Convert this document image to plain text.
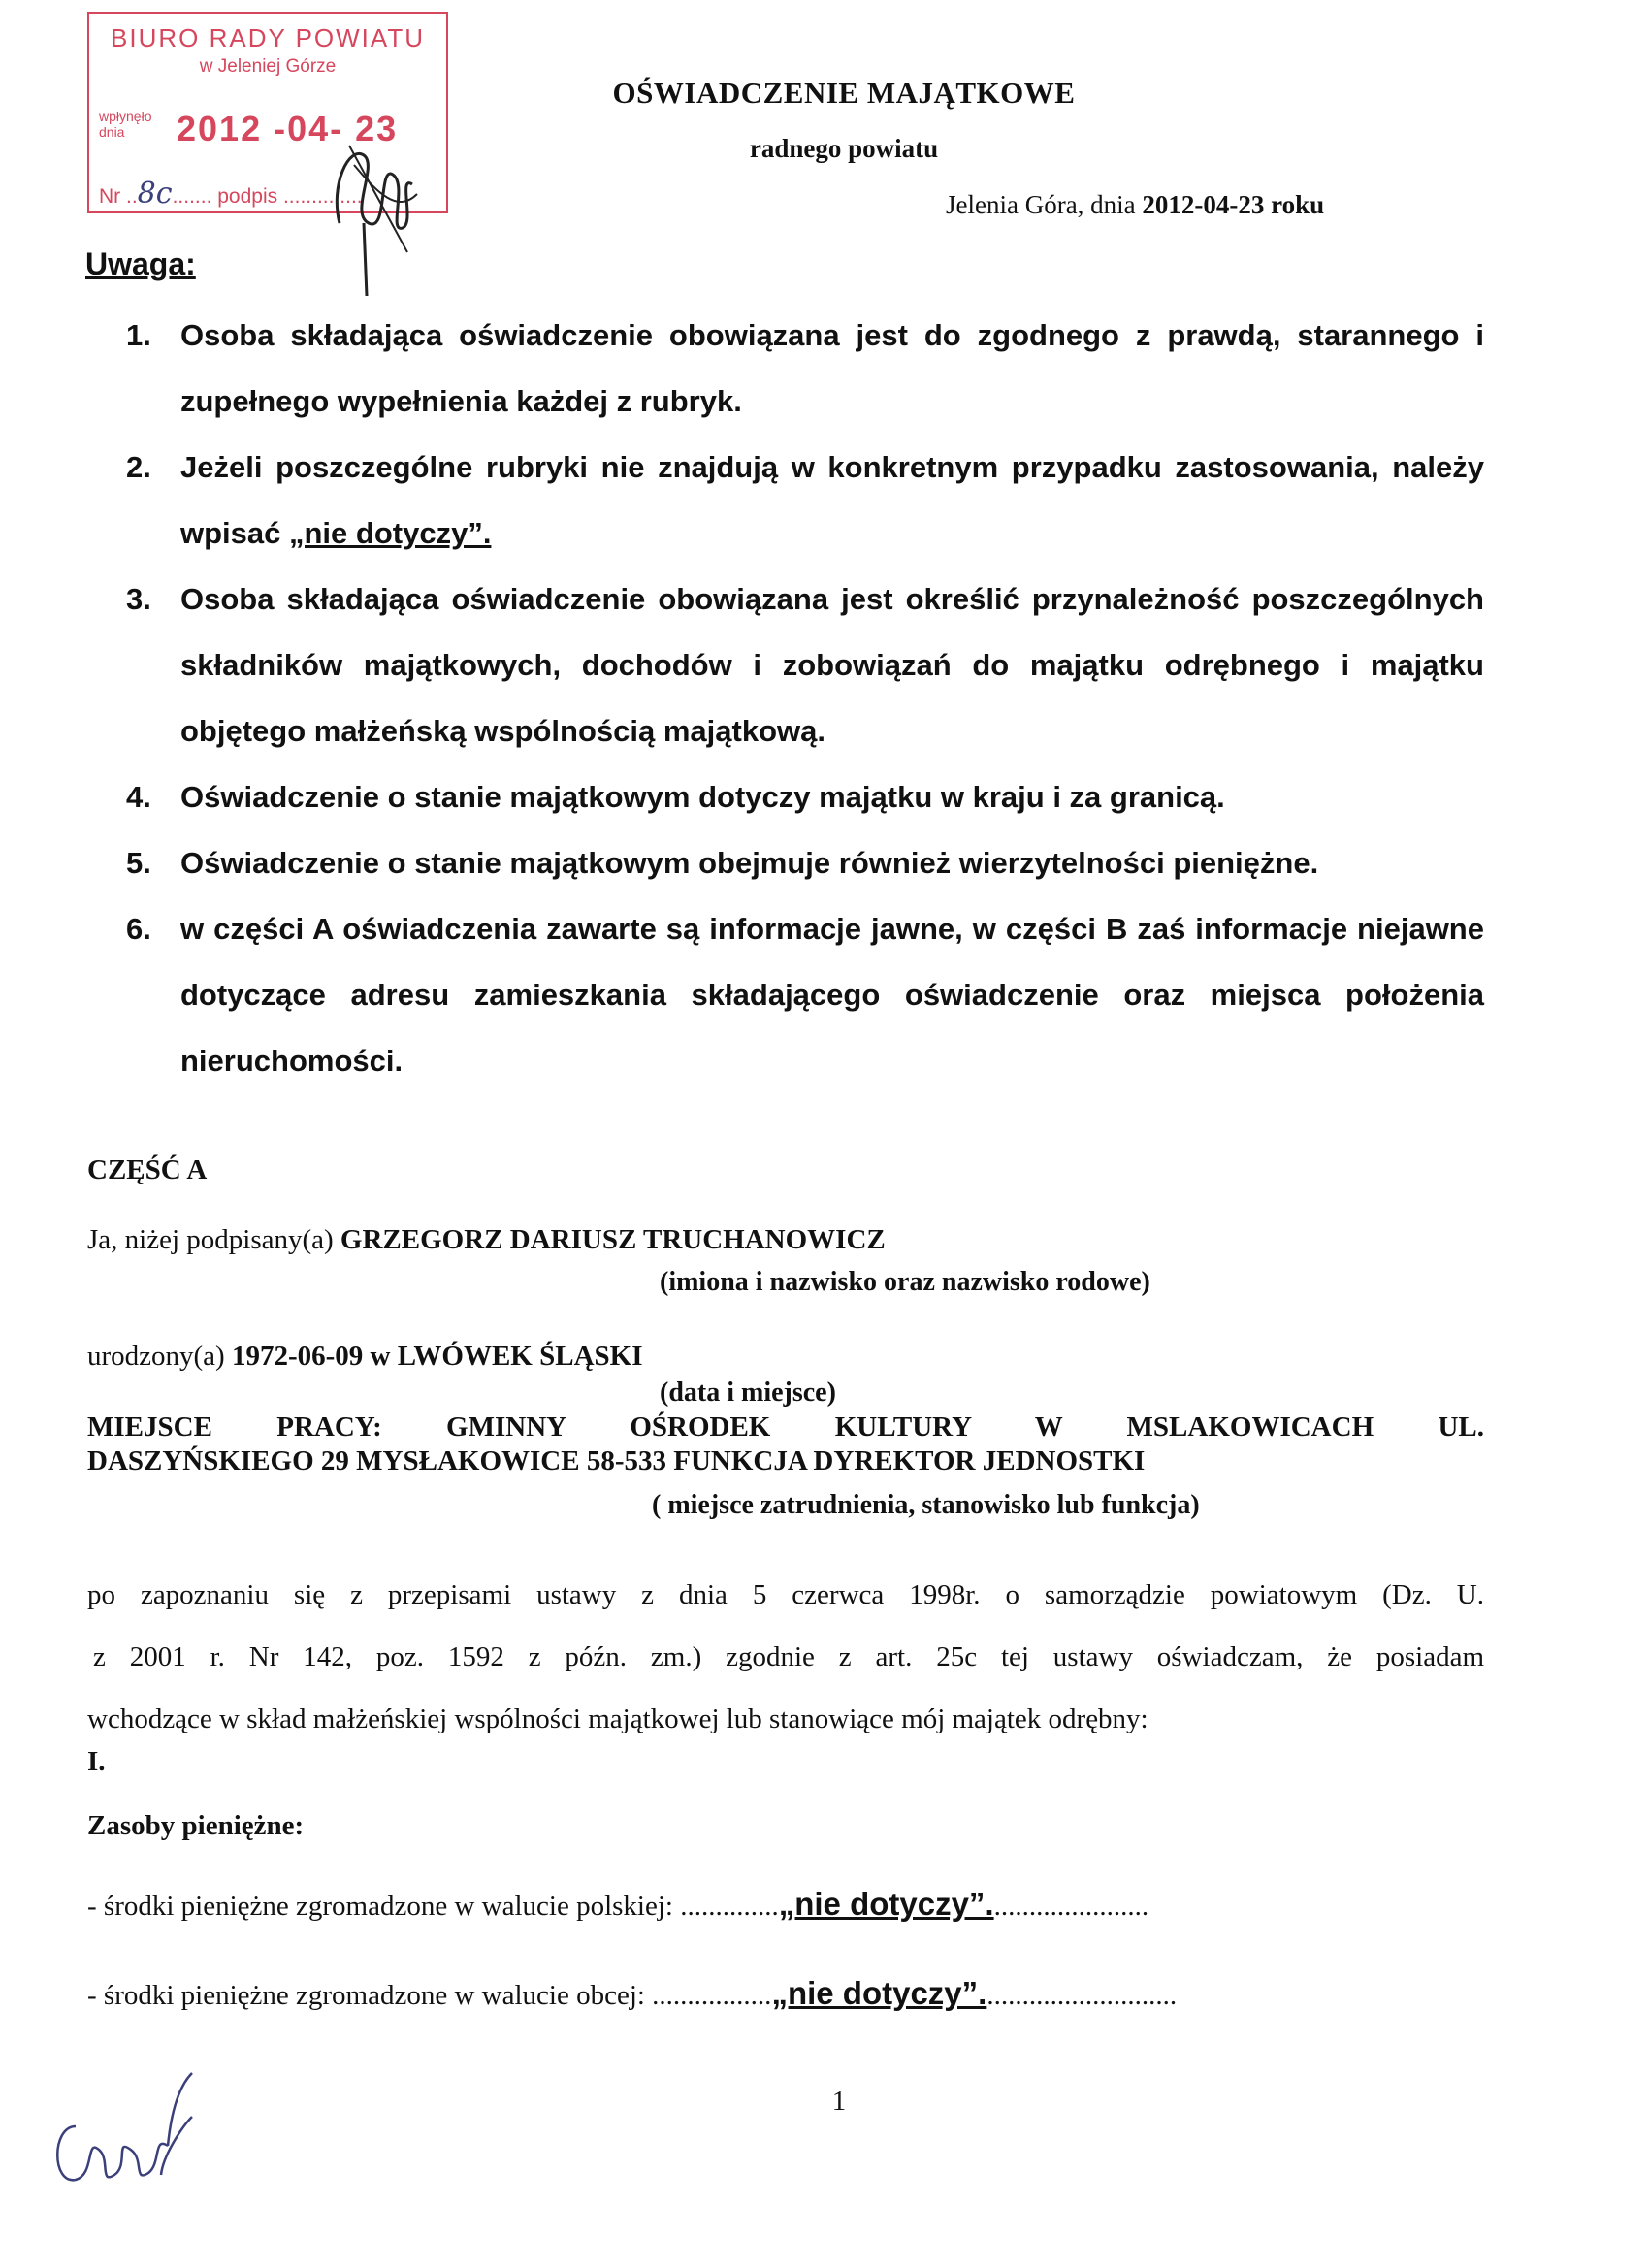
BIURO RADY POWIATU
w Jeleniej Górze
wpłynęło dnia	2012 -04- 23
Nr ..8c....... podpis ..............
OŚWIADCZENIE MAJĄTKOWE
radnego powiatu
Jelenia Góra, dnia 2012-04-23 roku
Uwaga:
1. Osoba składająca oświadczenie obowiązana jest do zgodnego z prawdą, starannego i zupełnego wypełnienia każdej z rubryk.
2. Jeżeli poszczególne rubryki nie znajdują w konkretnym przypadku zastosowania, należy wpisać „nie dotyczy”.
3. Osoba składająca oświadczenie obowiązana jest określić przynależność poszczególnych składników majątkowych, dochodów i zobowiązań do majątku odrębnego i majątku objętego małżeńską wspólnością majątkową.
4. Oświadczenie o stanie majątkowym dotyczy majątku w kraju i za granicą.
5. Oświadczenie o stanie majątkowym obejmuje również wierzytelności pieniężne.
6. w części A oświadczenia zawarte są informacje jawne, w części B zaś informacje niejawne dotyczące adresu zamieszkania składającego oświadczenie oraz miejsca położenia nieruchomości.
CZĘŚĆ A
Ja, niżej podpisany(a) GRZEGORZ DARIUSZ TRUCHANOWICZ
(imiona i nazwisko oraz nazwisko rodowe)
urodzony(a) 1972-06-09 w LWÓWEK ŚLĄSKI
(data i miejsce)
MIEJSCE PRACY: GMINNY OŚRODEK KULTURY W MSLAKOWICACH UL.
DASZYŃSKIEGO 29 MYSŁAKOWICE 58-533 FUNKCJA DYREKTOR JEDNOSTKI
( miejsce zatrudnienia, stanowisko lub funkcja)
po zapoznaniu się z przepisami ustawy z dnia 5 czerwca 1998r. o samorządzie powiatowym (Dz. U.
z 2001 r. Nr 142, poz. 1592 z późn. zm.) zgodnie z art. 25c tej ustawy oświadczam, że posiadam
wchodzące w skład małżeńskiej wspólności majątkowej lub stanowiące mój majątek odrębny:
I.
Zasoby pieniężne:
- środki pieniężne zgromadzone w walucie polskiej: ..............„nie dotyczy”.......................
- środki pieniężne zgromadzone w walucie obcej: .................„nie dotyczy”............................
1
